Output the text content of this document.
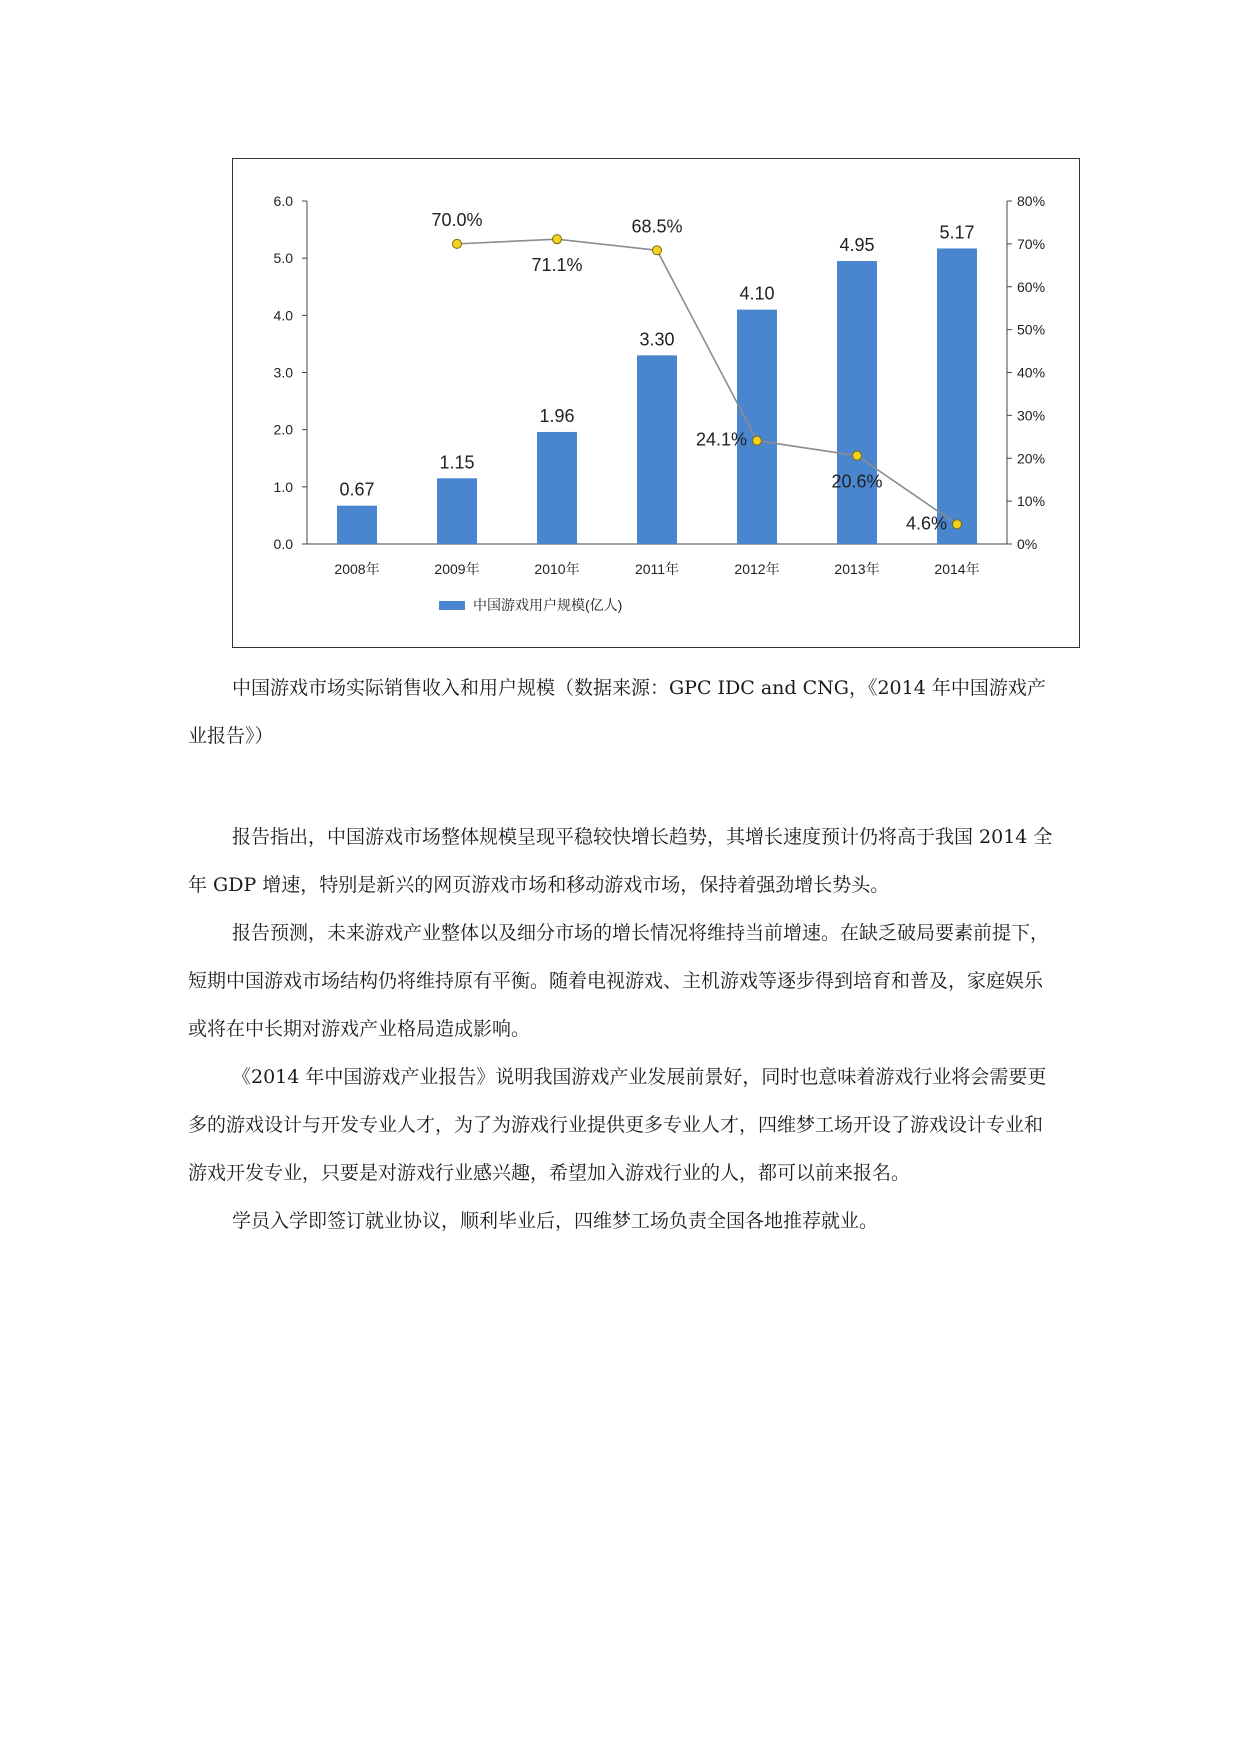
0.0
1.0
2.0
3.0
4.0
5.0
6.0
0%
10%
20%
30%
40%
50%
60%
70%
80%
2008年	2009年	2010年	2011年	2012年	2013年	2014年
0.67
1.15
1.96
3.30
4.10
4.95
5.17
70.0%
71.1%
68.5%
24.1%
20.6%
4.6%
中国游戏用户规模(亿人)

中国游戏市场实际销售收入和用户规模（数据来源：GPC IDC and CNG，《2014 年中国游戏产业报告》）

报告指出，中国游戏市场整体规模呈现平稳较快增长趋势，其增长速度预计仍将高于我国 2014 全年 GDP 增速，特别是新兴的网页游戏市场和移动游戏市场，保持着强劲增长势头。

报告预测，未来游戏产业整体以及细分市场的增长情况将维持当前增速。在缺乏破局要素前提下，短期中国游戏市场结构仍将维持原有平衡。随着电视游戏、主机游戏等逐步得到培育和普及，家庭娱乐或将在中长期对游戏产业格局造成影响。

《2014 年中国游戏产业报告》说明我国游戏产业发展前景好，同时也意味着游戏行业将会需要更多的游戏设计与开发专业人才，为了为游戏行业提供更多专业人才，四维梦工场开设了游戏设计专业和游戏开发专业，只要是对游戏行业感兴趣，希望加入游戏行业的人，都可以前来报名。

学员入学即签订就业协议，顺利毕业后，四维梦工场负责全国各地推荐就业。
